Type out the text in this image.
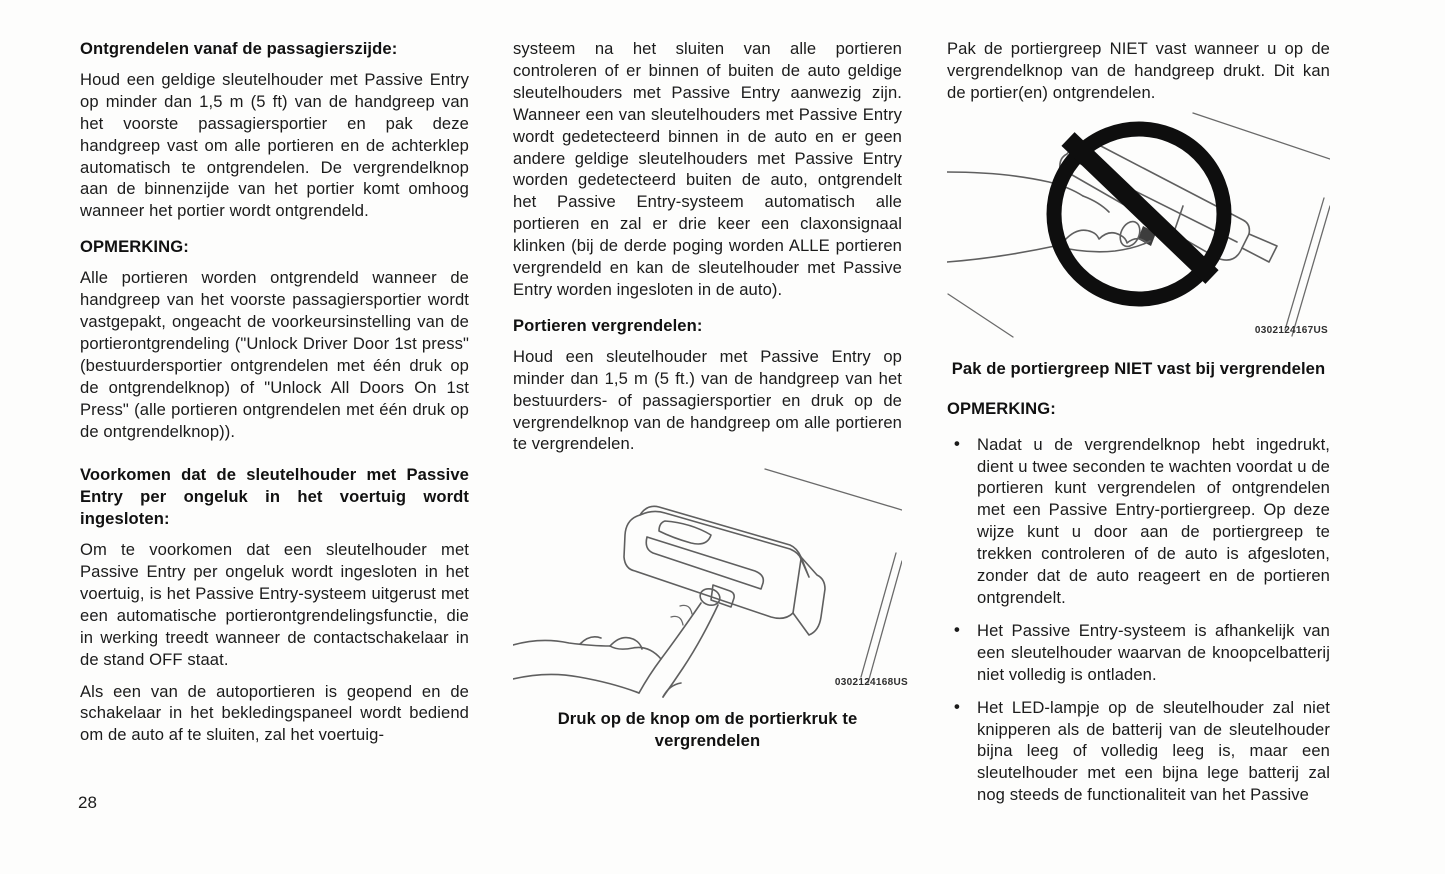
Ontgrendelen vanaf de passagierszijde:

Houd een geldige sleutelhouder met Passive Entry op minder dan 1,5 m (5 ft) van de handgreep van het voorste passagiersportier en pak deze handgreep vast om alle portieren en de achterklep automatisch te ontgrendelen. De vergrendelknop aan de binnenzijde van het portier komt omhoog wanneer het portier wordt ontgrendeld.

OPMERKING:

Alle portieren worden ontgrendeld wanneer de handgreep van het voorste passagiersportier wordt vastgepakt, ongeacht de voorkeursinstelling van de portierontgrendeling ("Unlock Driver Door 1st press" (bestuurdersportier ontgrendelen met één druk op de ontgrendelknop) of "Unlock All Doors On 1st Press" (alle portieren ontgrendelen met één druk op de ontgrendelknop)).

Voorkomen dat de sleutelhouder met Passive Entry per ongeluk in het voertuig wordt ingesloten:

Om te voorkomen dat een sleutelhouder met Passive Entry per ongeluk wordt ingesloten in het voertuig, is het Passive Entry-systeem uitgerust met een automatische portierontgrendelingsfunctie, die in werking treedt wanneer de contactschakelaar in de stand OFF staat.

Als een van de autoportieren is geopend en de schakelaar in het bekledingspaneel wordt bediend om de auto af te sluiten, zal het voertuig-

systeem na het sluiten van alle portieren controleren of er binnen of buiten de auto geldige sleutelhouders met Passive Entry aanwezig zijn. Wanneer een van sleutelhouders met Passive Entry wordt gedetecteerd binnen in de auto en er geen andere geldige sleutelhouders met Passive Entry worden gedetecteerd buiten de auto, ontgrendelt het Passive Entry-systeem automatisch alle portieren en zal er drie keer een claxonsignaal klinken (bij de derde poging worden ALLE portieren vergrendeld en kan de sleutelhouder met Passive Entry worden ingesloten in de auto).

Portieren vergrendelen:

Houd een sleutelhouder met Passive Entry op minder dan 1,5 m (5 ft.) van de handgreep van het bestuurders- of passagiersportier en druk op de vergrendelknop van de handgreep om alle portieren te vergrendelen.

0302124168US
Druk op de knop om de portierkruk te vergrendelen

Pak de portiergreep NIET vast wanneer u op de vergrendelknop van de handgreep drukt. Dit kan de portier(en) ontgrendelen.

0302124167US
Pak de portiergreep NIET vast bij vergrendelen
OPMERKING:
• Nadat u de vergrendelknop hebt ingedrukt, dient u twee seconden te wachten voordat u de portieren kunt vergrendelen of ontgrendelen met een Passive Entry-portiergreep. Op deze wijze kunt u door aan de portiergreep te trekken controleren of de auto is afgesloten, zonder dat de auto reageert en de portieren ontgrendelt.
• Het Passive Entry-systeem is afhankelijk van een sleutelhouder waarvan de knoopcelbatterij niet volledig is ontladen.
• Het LED-lampje op de sleutelhouder zal niet knipperen als de batterij van de sleutelhouder bijna leeg of volledig leeg is, maar een sleutelhouder met een bijna lege batterij zal nog steeds de functionaliteit van het Passive
28
